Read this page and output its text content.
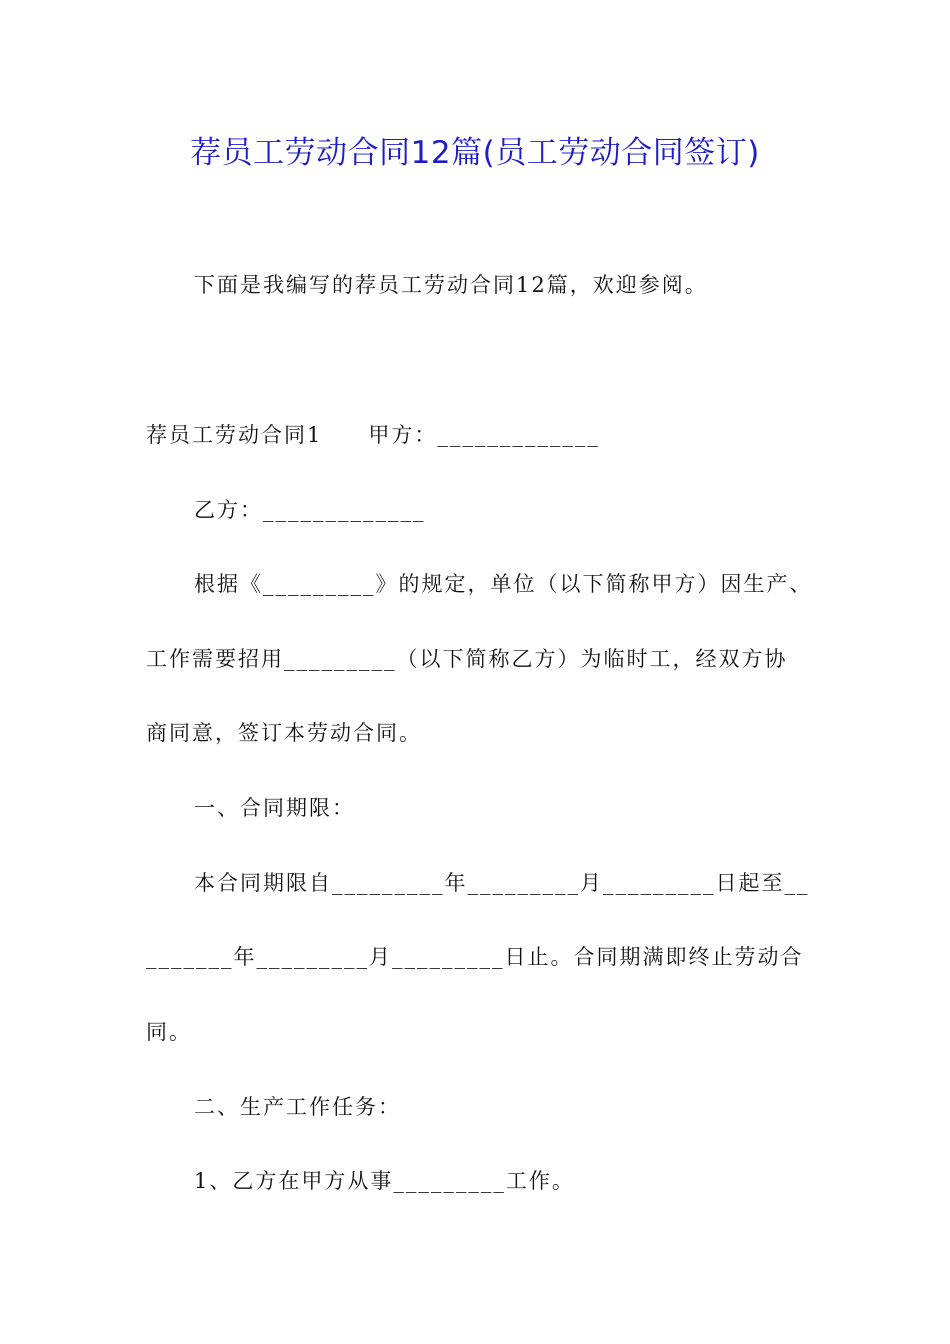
荐员工劳动合同12篇(员工劳动合同签订)
下面是我编写的荐员工劳动合同12篇，欢迎参阅。
荐员工劳动合同1　　甲方：_____________
乙方：_____________
根据《_________》的规定，单位（以下简称甲方）因生产、
工作需要招用_________（以下简称乙方）为临时工，经双方协
商同意，签订本劳动合同。
一、合同期限：
本合同期限自_________年_________月_________日起至__
_______年_________月_________日止。合同期满即终止劳动合
同。
二、生产工作任务：
1、乙方在甲方从事_________工作。
